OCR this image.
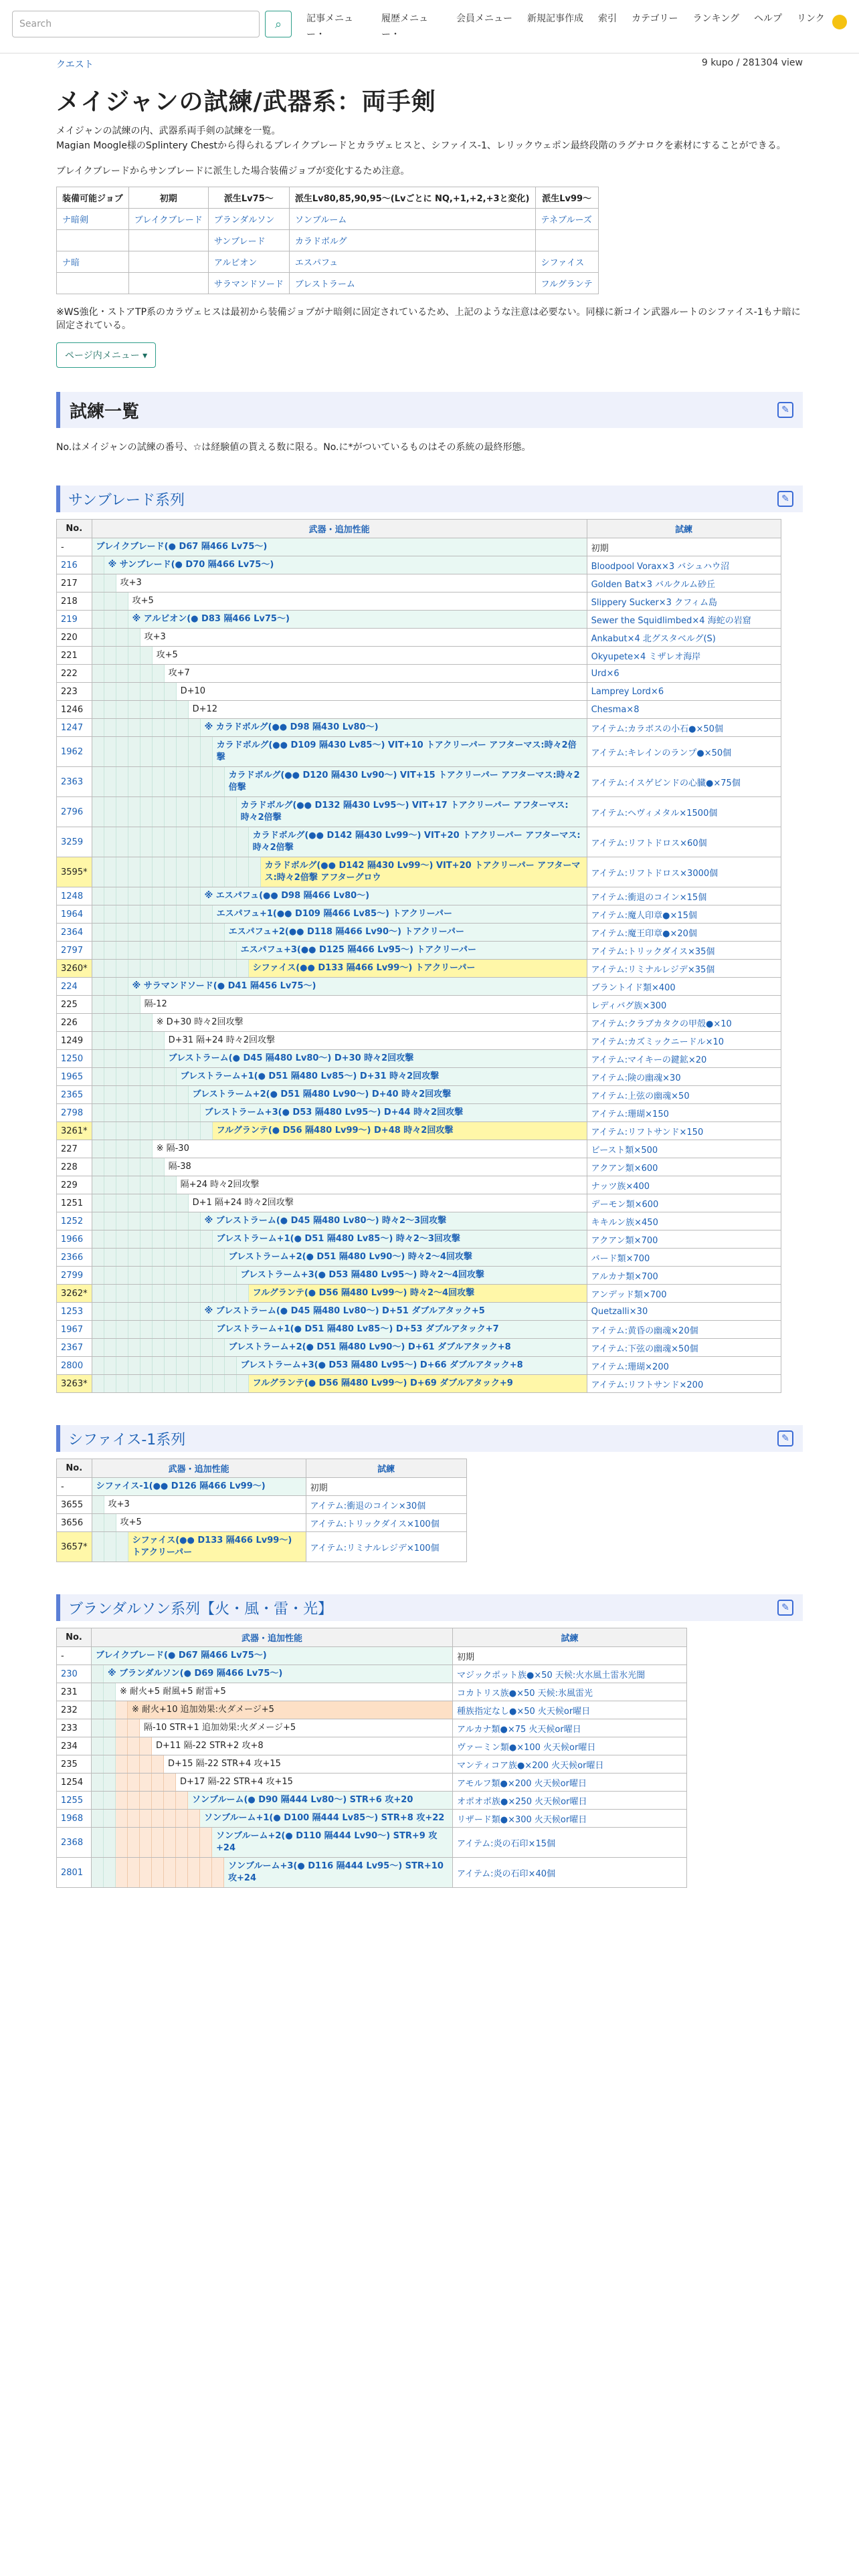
Search	⌕	記事メニュー・
履歴メニュー・
会員メニュー 新規記事作成 索引 カテゴリー ランキング ヘルプ リンク
クエスト	9 kupo / 281304 view
メイジャンの試練/武器系：両手剣
メイジャンの試練の内、武器系両手剣の試練を一覧。
Magian Moogle様のSplintery Chestから得られるブレイクブレードとカラヴェヒスと、シファイス-1、レリックウェポン最終段階のラグナロクを素材にすることができる。
ブレイクブレードからサンブレードに派生した場合装備ジョブが変化するため注意。
装備可能ジョブ	初期	派生Lv75〜	派生Lv80,85,90,95〜(Lvごとに NQ,+1,+2,+3と変化)	派生Lv99〜
ナ暗剣	ブレイクブレード	ブランダルソン	ソンブルーム	テネブルーズ
		サンブレード	カラドボルグ	
ナ暗		アルビオン	エスパフュ	シファイス
		サラマンドソード	ブレストラーム	フルグランテ
※WS強化・ストアTP系のカラヴェヒスは最初から装備ジョブがナ暗剣に固定されているため、上記のような注意は必要ない。同様に新コイン武器ルートのシファイス-1もナ暗に固定されている。
ページ内メニュー ▾
試練一覧	✎
No.はメイジャンの試練の番号、☆は経験値の貰える数に限る。No.に*がついているものはその系統の最終形態。
サンブレード系列	✎
No.	武器・追加性能	試練
-	ブレイクブレード(● D67 隔466 Lv75〜)	初期
216	※ サンブレード(● D70 隔466 Lv75〜)	Bloodpool Vorax×3 バシュハウ沼
217	攻+3	Golden Bat×3 バルクルム砂丘
218	攻+5	Slippery Sucker×3 クフィム島
219	※ アルビオン(● D83 隔466 Lv75〜)	Sewer the Squidlimbed×4 海蛇の岩窟
220	攻+3	Ankabut×4 北グスタベルグ(S)
221	攻+5	Okyupete×4 ミザレオ海岸
222	攻+7	Urd×6
223	D+10	Lamprey Lord×6
1246	D+12	Chesma×8
1247	※ カラドボルグ(●● D98 隔430 Lv80〜)	アイテム:カラボスの小石●×50個
1962	カラドボルグ(●● D109 隔430 Lv85〜) VIT+10 トアクリーパー アフターマス:時々2倍撃	アイテム:キレインのランプ●×50個
2363	カラドボルグ(●● D120 隔430 Lv90〜) VIT+15 トアクリーパー アフターマス:時々2倍撃	アイテム:イスゲビンドの心臓●×75個
2796	カラドボルグ(●● D132 隔430 Lv95〜) VIT+17 トアクリーパー アフターマス:時々2倍撃	アイテム:ヘヴィメタル×1500個
3259	カラドボルグ(●● D142 隔430 Lv99〜) VIT+20 トアクリーパー アフターマス:時々2倍撃	アイテム:リフトドロス×60個
3595*	カラドボルグ(●● D142 隔430 Lv99〜) VIT+20 トアクリーパー アフターマス:時々2倍撃 アフターグロウ	アイテム:リフトドロス×3000個
1248	※ エスパフュ(●● D98 隔466 Lv80〜)	アイテム:衝退のコイン×15個
1964	エスパフュ+1(●● D109 隔466 Lv85〜) トアクリーパー	アイテム:魔人印章●×15個
2364	エスパフュ+2(●● D118 隔466 Lv90〜) トアクリーパー	アイテム:魔王印章●×20個
2797	エスパフュ+3(●● D125 隔466 Lv95〜) トアクリーパー	アイテム:トリックダイス×35個
3260*	シファイス(●● D133 隔466 Lv99〜) トアクリーパー	アイテム:リミナルレジデ×35個
224	※ サラマンドソード(● D41 隔456 Lv75〜)	ブラントイド類×400
225	隔-12	レディバグ族×300
226	※ D+30 時々2回攻撃	アイテム:クラブカタクの甲殻●×10
1249	D+31 隔+24 時々2回攻撃	アイテム:カズミックニードル×10
1250	ブレストラーム(● D45 隔480 Lv80〜) D+30 時々2回攻撃	アイテム:マイキーの鍵鉱×20
1965	ブレストラーム+1(● D51 隔480 Lv85〜) D+31 時々2回攻撃	アイテム:険の幽魂×30
2365	ブレストラーム+2(● D51 隔480 Lv90〜) D+40 時々2回攻撃	アイテム:上弦の幽魂×50
2798	ブレストラーム+3(● D53 隔480 Lv95〜) D+44 時々2回攻撃	アイテム:珊瑚×150
3261*	フルグランテ(● D56 隔480 Lv99〜) D+48 時々2回攻撃	アイテム:リフトサンド×150
227	※ 隔-30	ビースト類×500
228	隔-38	アクアン類×600
229	隔+24 時々2回攻撃	ナッツ族×400
1251	D+1 隔+24 時々2回攻撃	デーモン類×600
1252	※ ブレストラーム(● D45 隔480 Lv80〜) 時々2〜3回攻撃	キキルン族×450
1966	ブレストラーム+1(● D51 隔480 Lv85〜) 時々2〜3回攻撃	アクアン類×700
2366	ブレストラーム+2(● D51 隔480 Lv90〜) 時々2〜4回攻撃	バード類×700
2799	ブレストラーム+3(● D53 隔480 Lv95〜) 時々2〜4回攻撃	アルカナ類×700
3262*	フルグランテ(● D56 隔480 Lv99〜) 時々2〜4回攻撃	アンデッド類×700
1253	※ ブレストラーム(● D45 隔480 Lv80〜) D+51 ダブルアタック+5	Quetzalli×30
1967	ブレストラーム+1(● D51 隔480 Lv85〜) D+53 ダブルアタック+7	アイテム:黄昏の幽魂×20個
2367	ブレストラーム+2(● D51 隔480 Lv90〜) D+61 ダブルアタック+8	アイテム:下弦の幽魂×50個
2800	ブレストラーム+3(● D53 隔480 Lv95〜) D+66 ダブルアタック+8	アイテム:珊瑚×200
3263*	フルグランテ(● D56 隔480 Lv99〜) D+69 ダブルアタック+9	アイテム:リフトサンド×200
シファイス-1系列	✎
No.	武器・追加性能	試練
-	シファイス-1(●● D126 隔466 Lv99〜)	初期
3655	攻+3	アイテム:衝退のコイン×30個
3656	攻+5	アイテム:トリックダイス×100個
3657*	シファイス(●● D133 隔466 Lv99〜) トアクリーパー	アイテム:リミナルレジデ×100個
ブランダルソン系列【火・風・雷・光】	✎
No.	武器・追加性能	試練
-	ブレイクブレード(● D67 隔466 Lv75〜)	初期
230	※ ブランダルソン(● D69 隔466 Lv75〜)	マジックポット族●×50 天候:火水風土雷氷光闇
231	※ 耐火+5 耐風+5 耐雷+5	コカトリス族●×50 天候:氷風雷光
232	※ 耐火+10 追加効果:火ダメージ+5	種族指定なし●×50 火天候or曜日
233	隔-10 STR+1 追加効果:火ダメージ+5	アルカナ類●×75 火天候or曜日
234	D+11 隔-22 STR+2 攻+8	ヴァーミン類●×100 火天候or曜日
235	D+15 隔-22 STR+4 攻+15	マンティコア族●×200 火天候or曜日
1254	D+17 隔-22 STR+4 攻+15	アモルフ類●×200 火天候or曜日
1255	ソンブルーム(● D90 隔444 Lv80〜) STR+6 攻+20	オポオポ族●×250 火天候or曜日
1968	ソンブルーム+1(● D100 隔444 Lv85〜) STR+8 攻+22	リザード類●×300 火天候or曜日
2368	ソンブルーム+2(● D110 隔444 Lv90〜) STR+9 攻+24	アイテム:炎の石印×15個
2801	ソンブルーム+3(● D116 隔444 Lv95〜) STR+10 攻+24	アイテム:炎の石印×40個
